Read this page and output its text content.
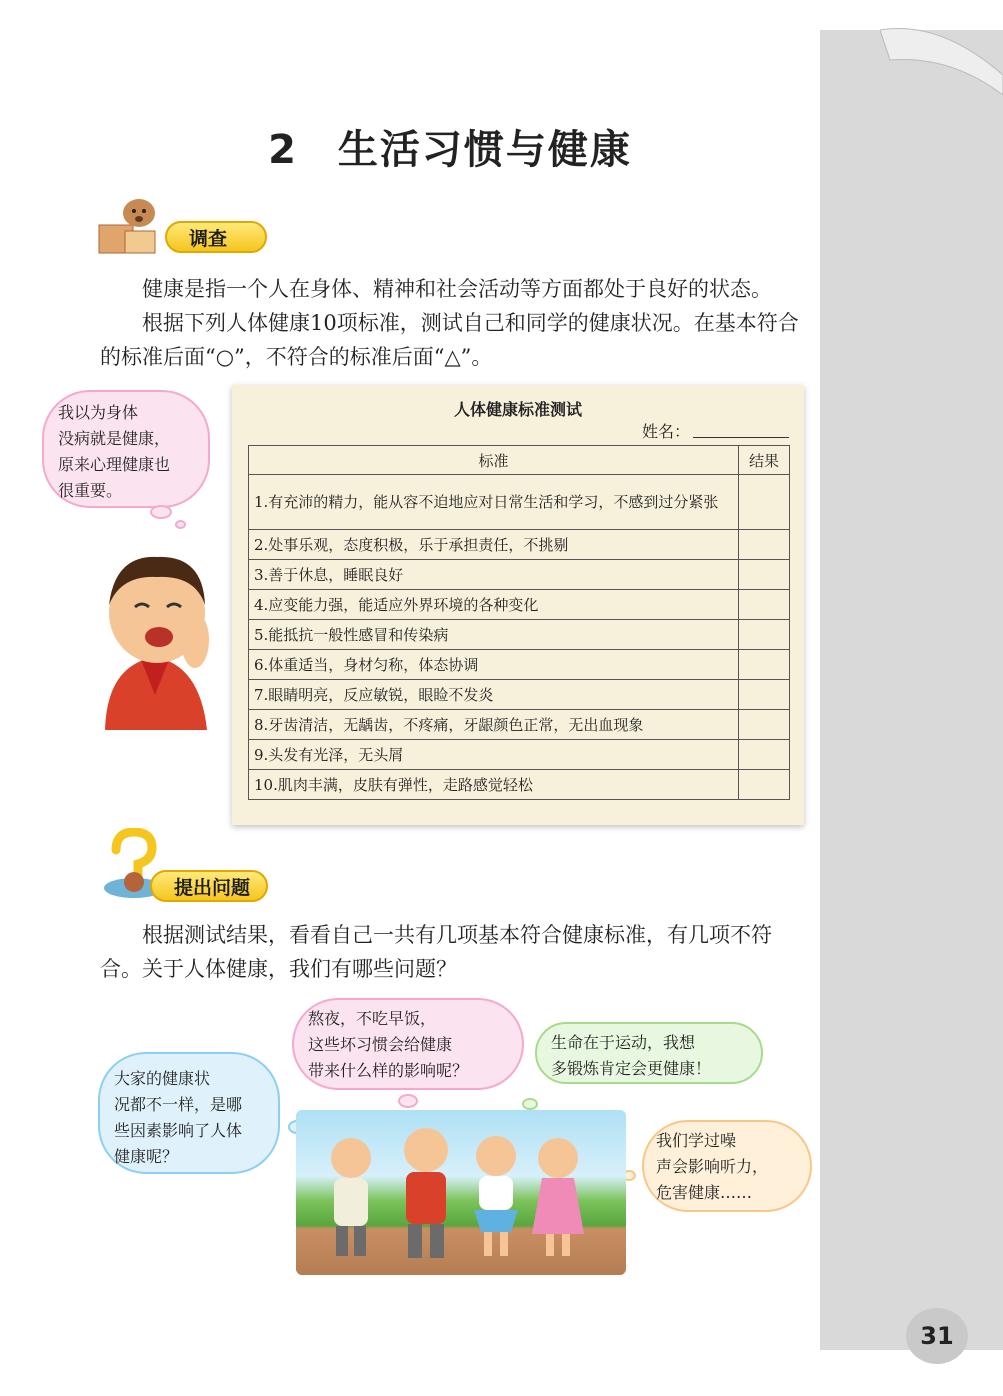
2 生活习惯与健康
调查

健康是指一个人在身体、精神和社会活动等方面都处于良好的状态。

根据下列人体健康10项标准，测试自己和同学的健康状况。在基本符合的标准后面“○”，不符合的标准后面“△”。

我以为身体
没病就是健康，
原来心理健康也
很重要。
人体健康标准测试
姓名：
标准	结果
1.有充沛的精力，能从容不迫地应对日常生活和学习，不感到过分紧张	
2.处事乐观，态度积极，乐于承担责任，不挑剔	
3.善于休息，睡眠良好	
4.应变能力强，能适应外界环境的各种变化	
5.能抵抗一般性感冒和传染病	
6.体重适当，身材匀称，体态协调	
7.眼睛明亮，反应敏锐，眼睑不发炎	
8.牙齿清洁，无龋齿，不疼痛，牙龈颜色正常，无出血现象	
9.头发有光泽，无头屑	
10.肌肉丰满，皮肤有弹性，走路感觉轻松	
提出问题

根据测试结果，看看自己一共有几项基本符合健康标准，有几项不符合。 关于人体健康，我们有哪些问题？

大家的健康状
况都不一样，是哪
些因素影响了人体
健康呢？
熬夜，不吃早饭，
这些坏习惯会给健康
带来什么样的影响呢？
生命在于运动，我想
多锻炼肯定会更健康！
我们学过噪
声会影响听力，
危害健康……
31
